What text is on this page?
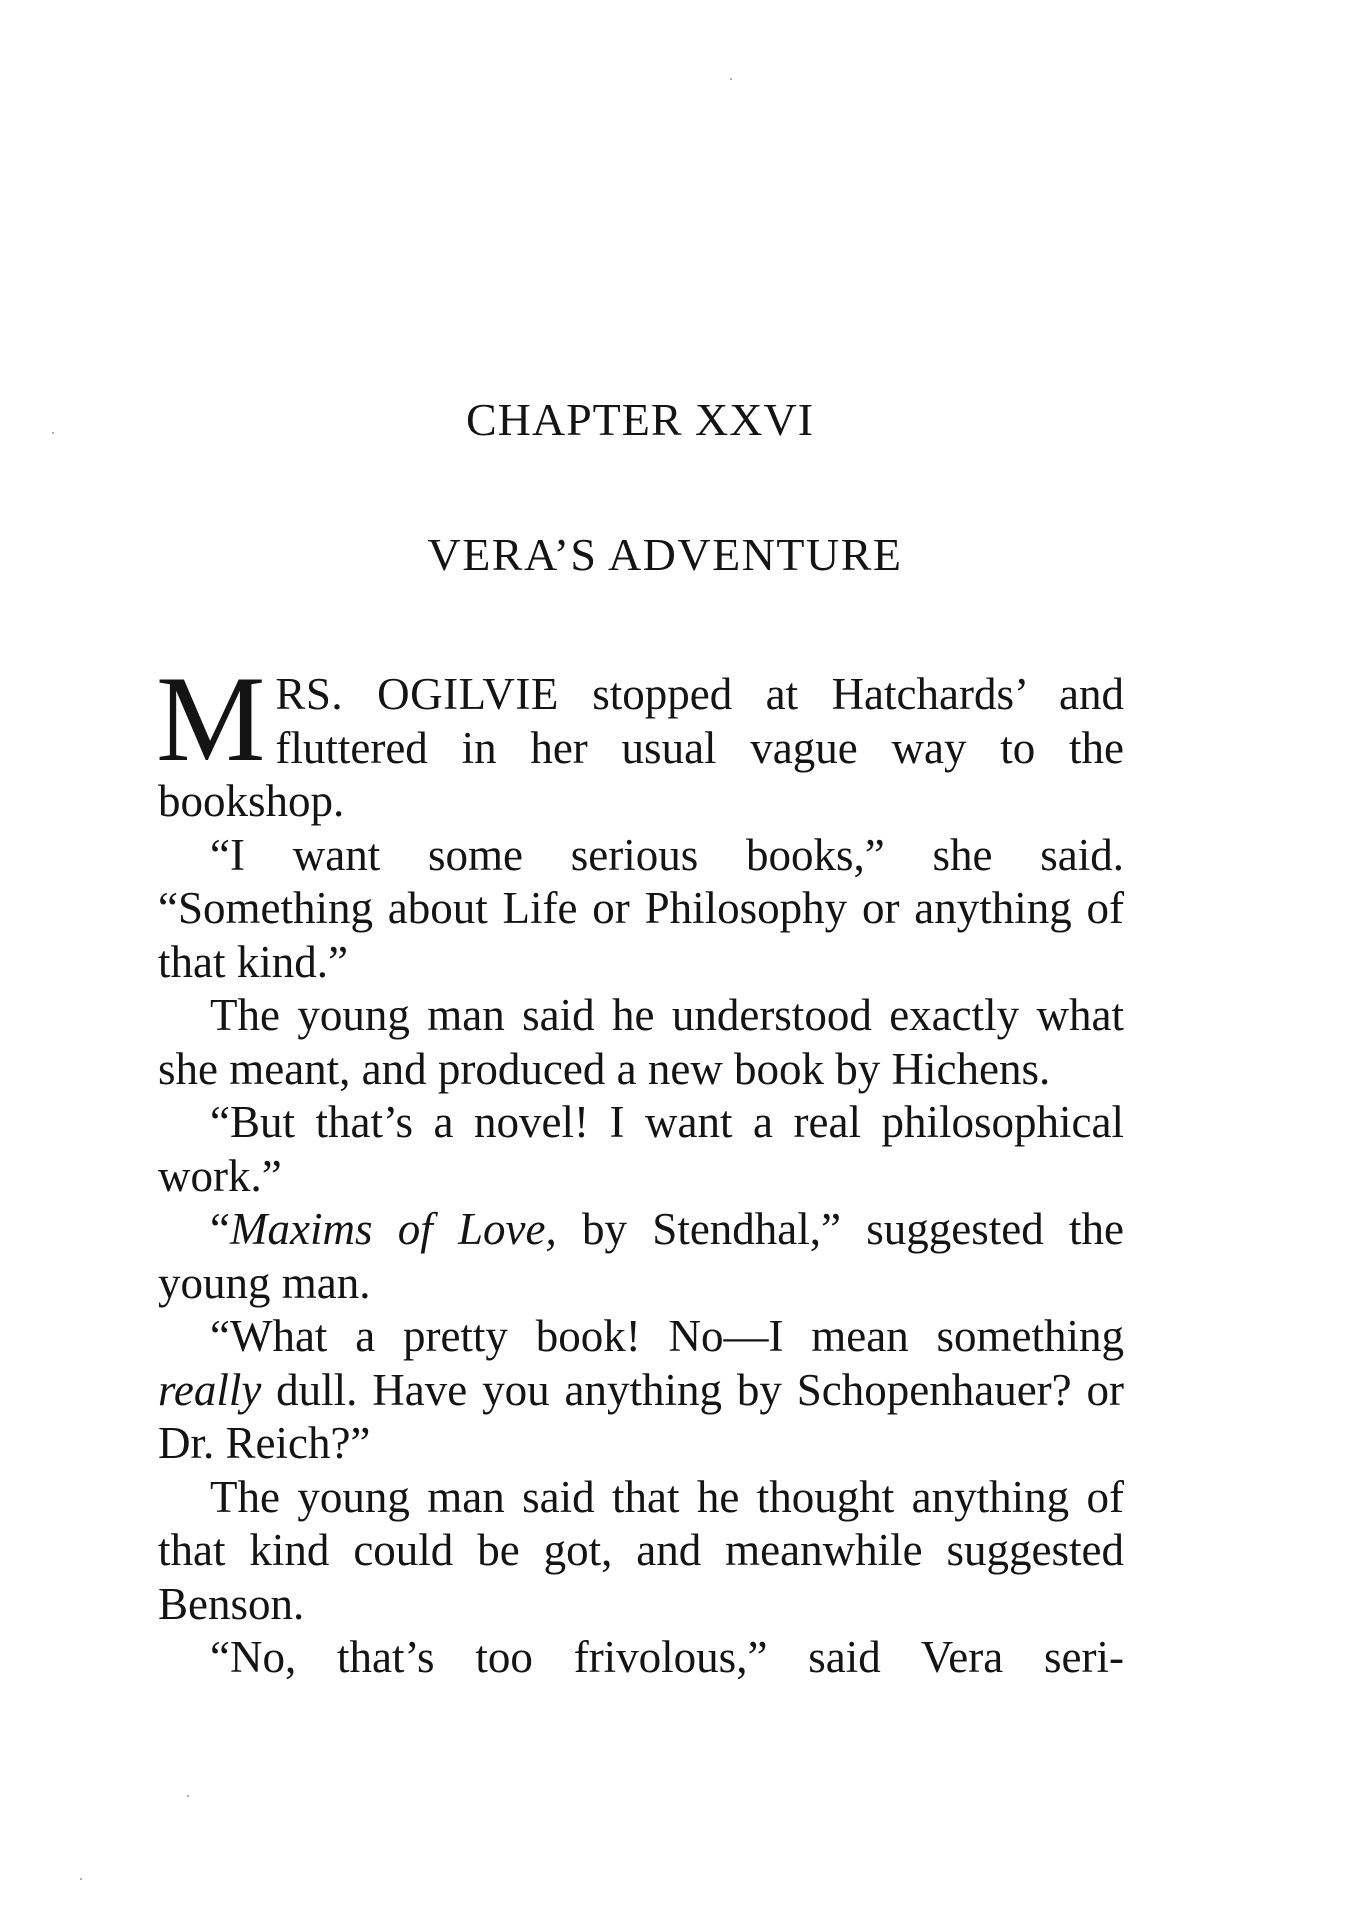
CHAPTER XXVI
VERA’S ADVENTURE

MRS. OGILVIE stopped at Hatchards’ and fluttered in her usual vague way to the bookshop.

“I want some serious books,” she said. “Something about Life or Philosophy or anything of that kind.”

The young man said he understood exactly what she meant, and produced a new book by Hichens.

“But that’s a novel! I want a real philosophical work.”

“Maxims of Love, by Stendhal,” suggested the young man.

“What a pretty book! No—I mean something really dull. Have you anything by Schopenhauer? or Dr. Reich?”

The young man said that he thought anything of that kind could be got, and meanwhile suggested Benson.

“No, that’s too frivolous,” said Vera seri-
